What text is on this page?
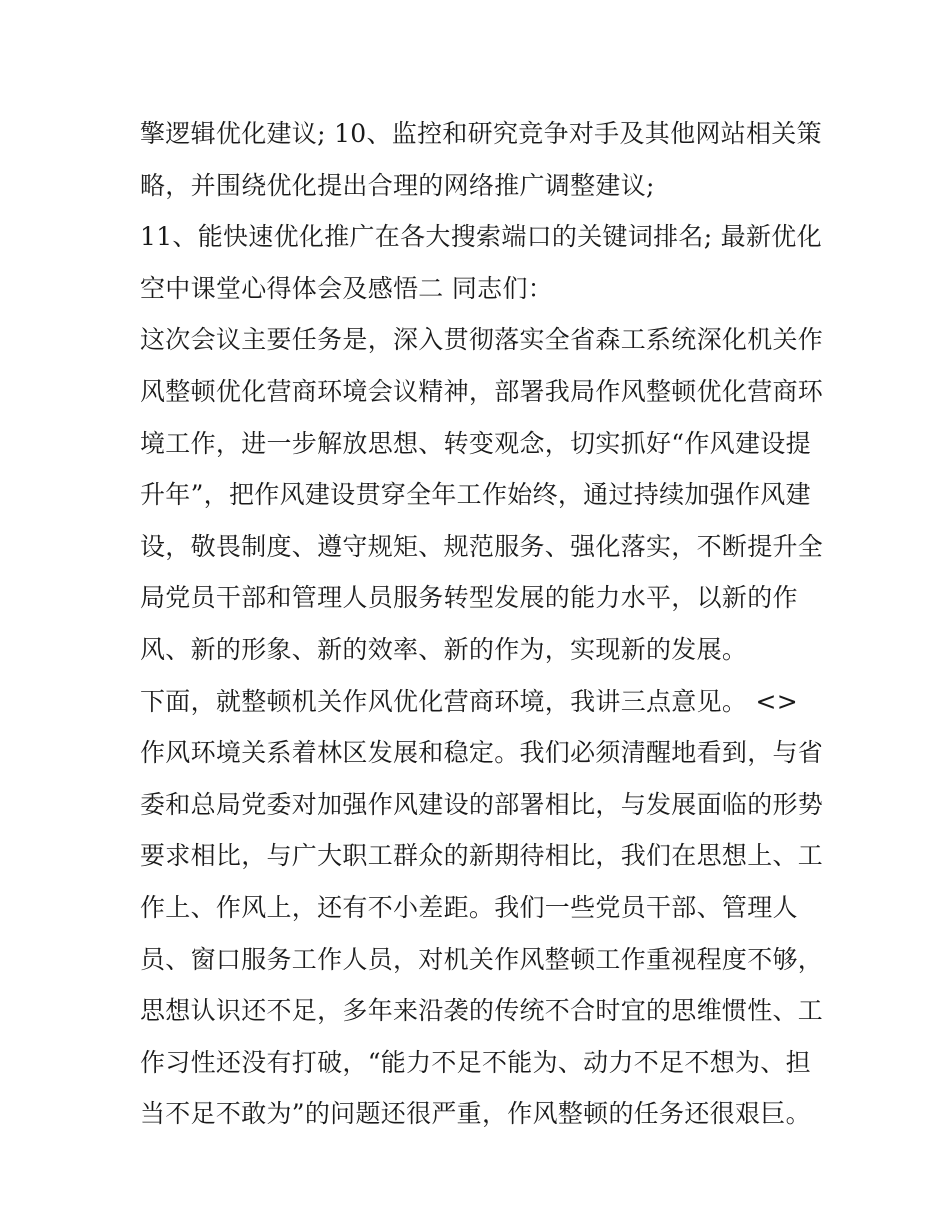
擎逻辑优化建议; 10、监控和研究竞争对手及其他网站相关策
略，并围绕优化提出合理的网络推广调整建议;
11、能快速优化推广在各大搜索端口的关键词排名; 最新优化
空中课堂心得体会及感悟二 同志们：
这次会议主要任务是，深入贯彻落实全省森工系统深化机关作
风整顿优化营商环境会议精神，部署我局作风整顿优化营商环
境工作，进一步解放思想、转变观念，切实抓好“作风建设提
升年”，把作风建设贯穿全年工作始终，通过持续加强作风建
设，敬畏制度、遵守规矩、规范服务、强化落实，不断提升全
局党员干部和管理人员服务转型发展的能力水平，以新的作
风、新的形象、新的效率、新的作为，实现新的发展。
下面，就整顿机关作风优化营商环境，我讲三点意见。 <>
作风环境关系着林区发展和稳定。我们必须清醒地看到，与省
委和总局党委对加强作风建设的部署相比，与发展面临的形势
要求相比，与广大职工群众的新期待相比，我们在思想上、工
作上、作风上，还有不小差距。我们一些党员干部、管理人
员、窗口服务工作人员，对机关作风整顿工作重视程度不够，
思想认识还不足，多年来沿袭的传统不合时宜的思维惯性、工
作习性还没有打破，“能力不足不能为、动力不足不想为、担
当不足不敢为”的问题还很严重，作风整顿的任务还很艰巨。
